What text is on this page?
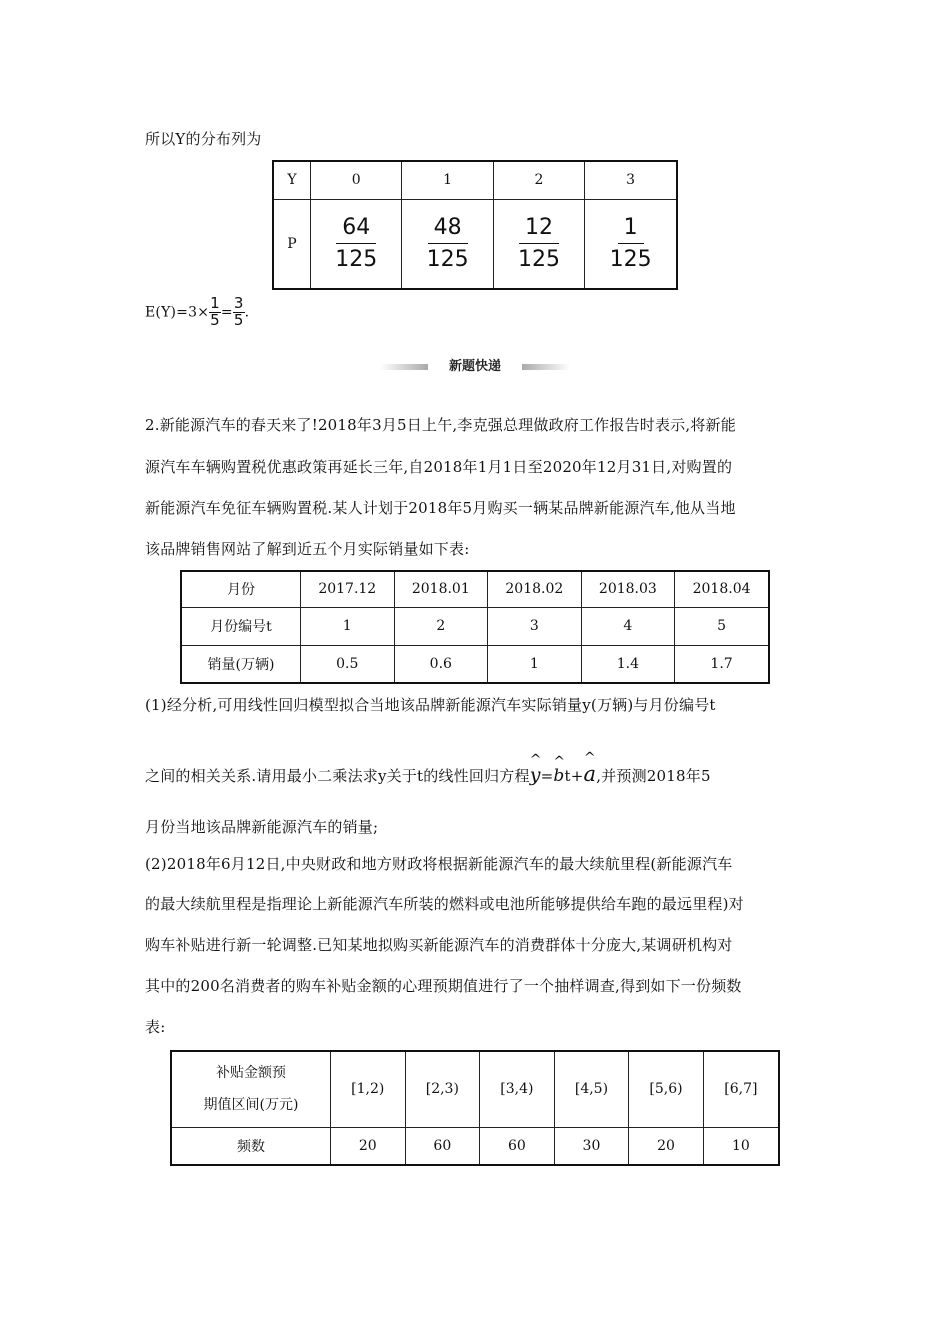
所以Y的分布列为
Y	0	1	2	3
P	$\frac{64}{125}$	$\frac{48}{125}$	$\frac{12}{125}$	$\frac{1}{125}$
$E(Y)=3\times \frac{1}{5} = \frac{3}{5}$ .
新题快递
2.新能源汽车的春天来了!2018年3月5日上午,李克强总理做政府工作报告时表示,将新能
源汽车车辆购置税优惠政策再延长三年,自2018年1月1日至2020年12月31日,对购置的
新能源汽车免征车辆购置税.某人计划于2018年5月购买一辆某品牌新能源汽车,他从当地
该品牌销售网站了解到近五个月实际销量如下表:
月份	2017.12	2018.01	2018.02	2018.03	2018.04
月份编号t	1	2	3	4	5
销量(万辆)	0.5	0.6	1	1.4	1.7
(1)经分析,可用线性回归模型拟合当地该品牌新能源汽车实际销量y(万辆)与月份编号t
之间的相关关系.请用最小二乘法求y关于t的线性回归方程^ y=^ bt+^ a,并预测2018年5
月份当地该品牌新能源汽车的销量;
(2)2018年6月12日,中央财政和地方财政将根据新能源汽车的最大续航里程(新能源汽车
的最大续航里程是指理论上新能源汽车所装的燃料或电池所能够提供给车跑的最远里程)对
购车补贴进行新一轮调整.已知某地拟购买新能源汽车的消费群体十分庞大,某调研机构对
其中的200名消费者的购车补贴金额的心理预期值进行了一个抽样调查,得到如下一份频数
表:
补贴金额预
期值区间(万元)	[1,2)	[2,3)	[3,4)	[4,5)	[5,6)	[6,7]
频数	20	60	60	30	20	10
